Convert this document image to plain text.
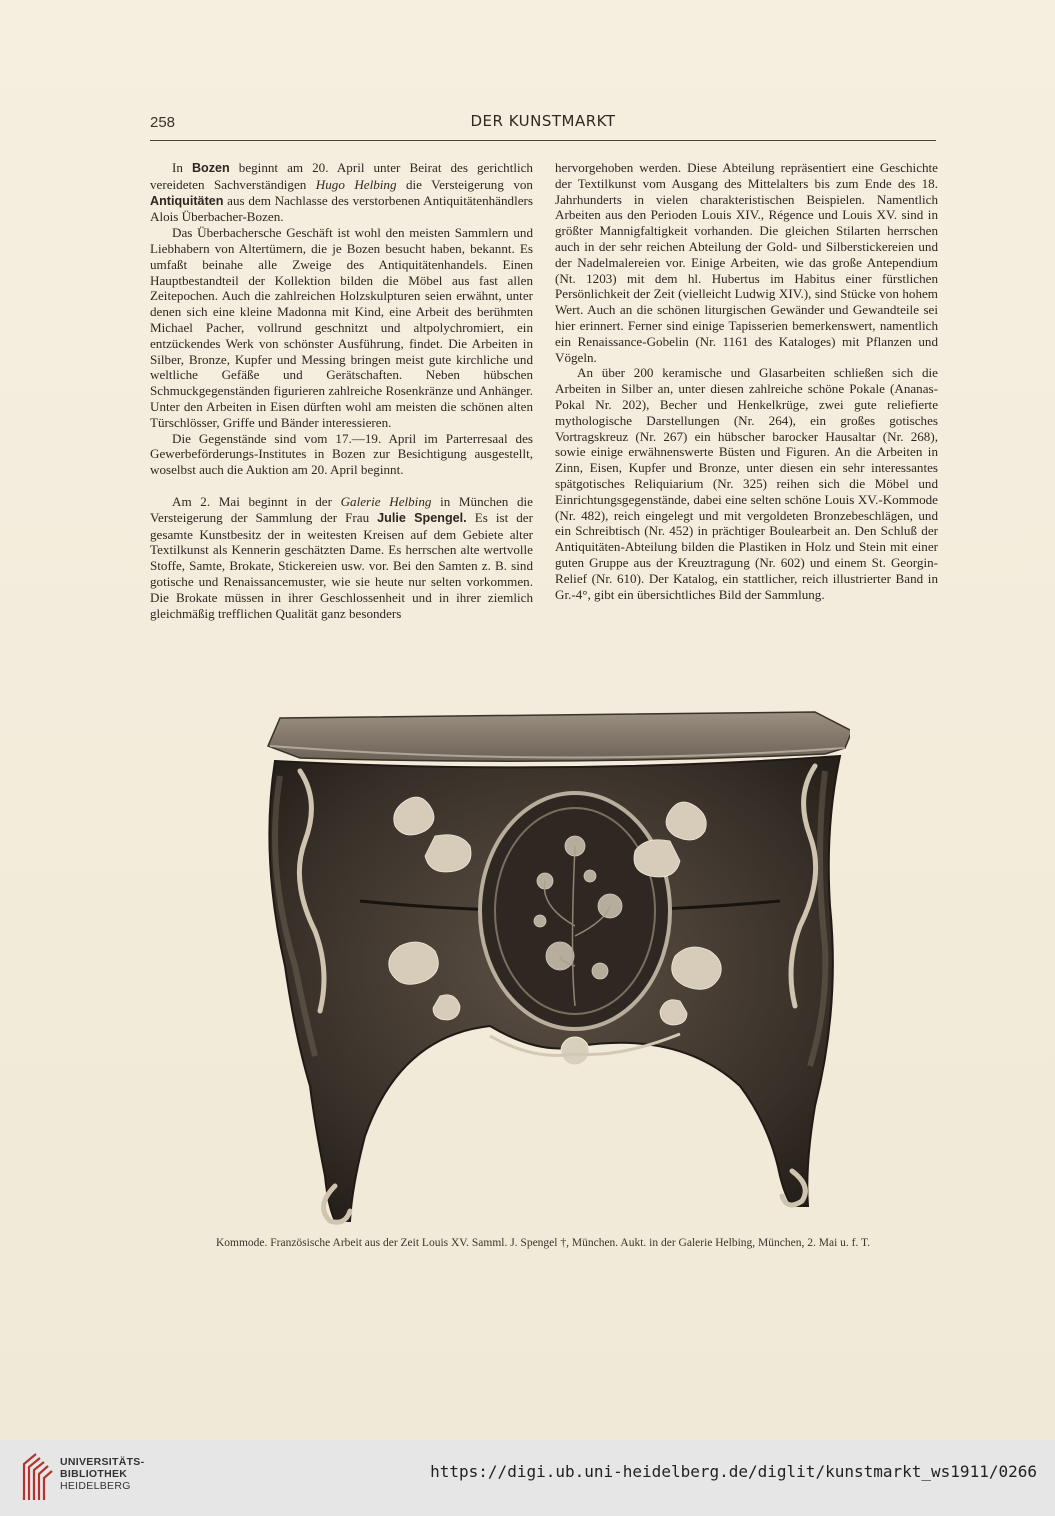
258	DER KUNSTMARKT

In Bozen beginnt am 20. April unter Beirat des gerichtlich vereideten Sachverständigen Hugo Helbing die Versteigerung von Antiquitäten aus dem Nachlasse des verstorbenen Antiquitätenhändlers Alois Überbacher-Bozen.

Das Überbachersche Geschäft ist wohl den meisten Sammlern und Liebhabern von Altertümern, die je Bozen besucht haben, bekannt. Es umfaßt beinahe alle Zweige des Antiquitätenhandels. Einen Hauptbestandteil der Kollektion bilden die Möbel aus fast allen Zeitepochen. Auch die zahlreichen Holzskulpturen seien erwähnt, unter denen sich eine kleine Madonna mit Kind, eine Arbeit des berühmten Michael Pacher, vollrund geschnitzt und altpolychromiert, ein entzückendes Werk von schönster Ausführung, findet. Die Arbeiten in Silber, Bronze, Kupfer und Messing bringen meist gute kirchliche und weltliche Gefäße und Gerätschaften. Neben hübschen Schmuckgegenständen figurieren zahlreiche Rosenkränze und Anhänger. Unter den Arbeiten in Eisen dürften wohl am meisten die schönen alten Türschlösser, Griffe und Bänder interessieren.

Die Gegenstände sind vom 17.—19. April im Parterresaal des Gewerbeförderungs-Institutes in Bozen zur Besichtigung ausgestellt, woselbst auch die Auktion am 20. April beginnt.

Am 2. Mai beginnt in der Galerie Helbing in München die Versteigerung der Sammlung der Frau Julie Spengel. Es ist der gesamte Kunstbesitz der in weitesten Kreisen auf dem Gebiete alter Textilkunst als Kennerin geschätzten Dame. Es herrschen alte wertvolle Stoffe, Samte, Brokate, Stickereien usw. vor. Bei den Samten z. B. sind gotische und Renaissancemuster, wie sie heute nur selten vorkommen. Die Brokate müssen in ihrer Geschlossenheit und in ihrer ziemlich gleichmäßig trefflichen Qualität ganz besonders

hervorgehoben werden. Diese Abteilung repräsentiert eine Geschichte der Textilkunst vom Ausgang des Mittelalters bis zum Ende des 18. Jahrhunderts in vielen charakteristischen Beispielen. Namentlich Arbeiten aus den Perioden Louis XIV., Régence und Louis XV. sind in größter Mannigfaltigkeit vorhanden. Die gleichen Stilarten herrschen auch in der sehr reichen Abteilung der Gold- und Silberstickereien und der Nadelmalereien vor. Einige Arbeiten, wie das große Antependium (Nt. 1203) mit dem hl. Hubertus im Habitus einer fürstlichen Persönlichkeit der Zeit (vielleicht Ludwig XIV.), sind Stücke von hohem Wert. Auch an die schönen liturgischen Gewänder und Gewandteile sei hier erinnert. Ferner sind einige Tapisserien bemerkenswert, namentlich ein Renaissance-Gobelin (Nr. 1161 des Kataloges) mit Pflanzen und Vögeln.

An über 200 keramische und Glasarbeiten schließen sich die Arbeiten in Silber an, unter diesen zahlreiche schöne Pokale (Ananas-Pokal Nr. 202), Becher und Henkelkrüge, zwei gute reliefierte mythologische Darstellungen (Nr. 264), ein großes gotisches Vortragskreuz (Nr. 267) ein hübscher barocker Hausaltar (Nr. 268), sowie einige erwähnenswerte Büsten und Figuren. An die Arbeiten in Zinn, Eisen, Kupfer und Bronze, unter diesen ein sehr interessantes spätgotisches Reliquiarium (Nr. 325) reihen sich die Möbel und Einrichtungsgegenstände, dabei eine selten schöne Louis XV.-Kommode (Nr. 482), reich eingelegt und mit vergoldeten Bronzebeschlägen, und ein Schreibtisch (Nr. 452) in prächtiger Boulearbeit an. Den Schluß der Antiquitäten-Abteilung bilden die Plastiken in Holz und Stein mit einer guten Gruppe aus der Kreuztragung (Nr. 602) und einem St. Georgin-Relief (Nr. 610). Der Katalog, ein stattlicher, reich illustrierter Band in Gr.-4°, gibt ein übersichtliches Bild der Sammlung.

Kommode. Französische Arbeit aus der Zeit Louis XV. Samml. J. Spengel †, München. Aukt. in der Galerie Helbing, München, 2. Mai u. f. T.
UNIVERSITÄTS-
BIBLIOTHEK
HEIDELBERG
https://digi.ub.uni-heidelberg.de/diglit/kunstmarkt_ws1911/0266
